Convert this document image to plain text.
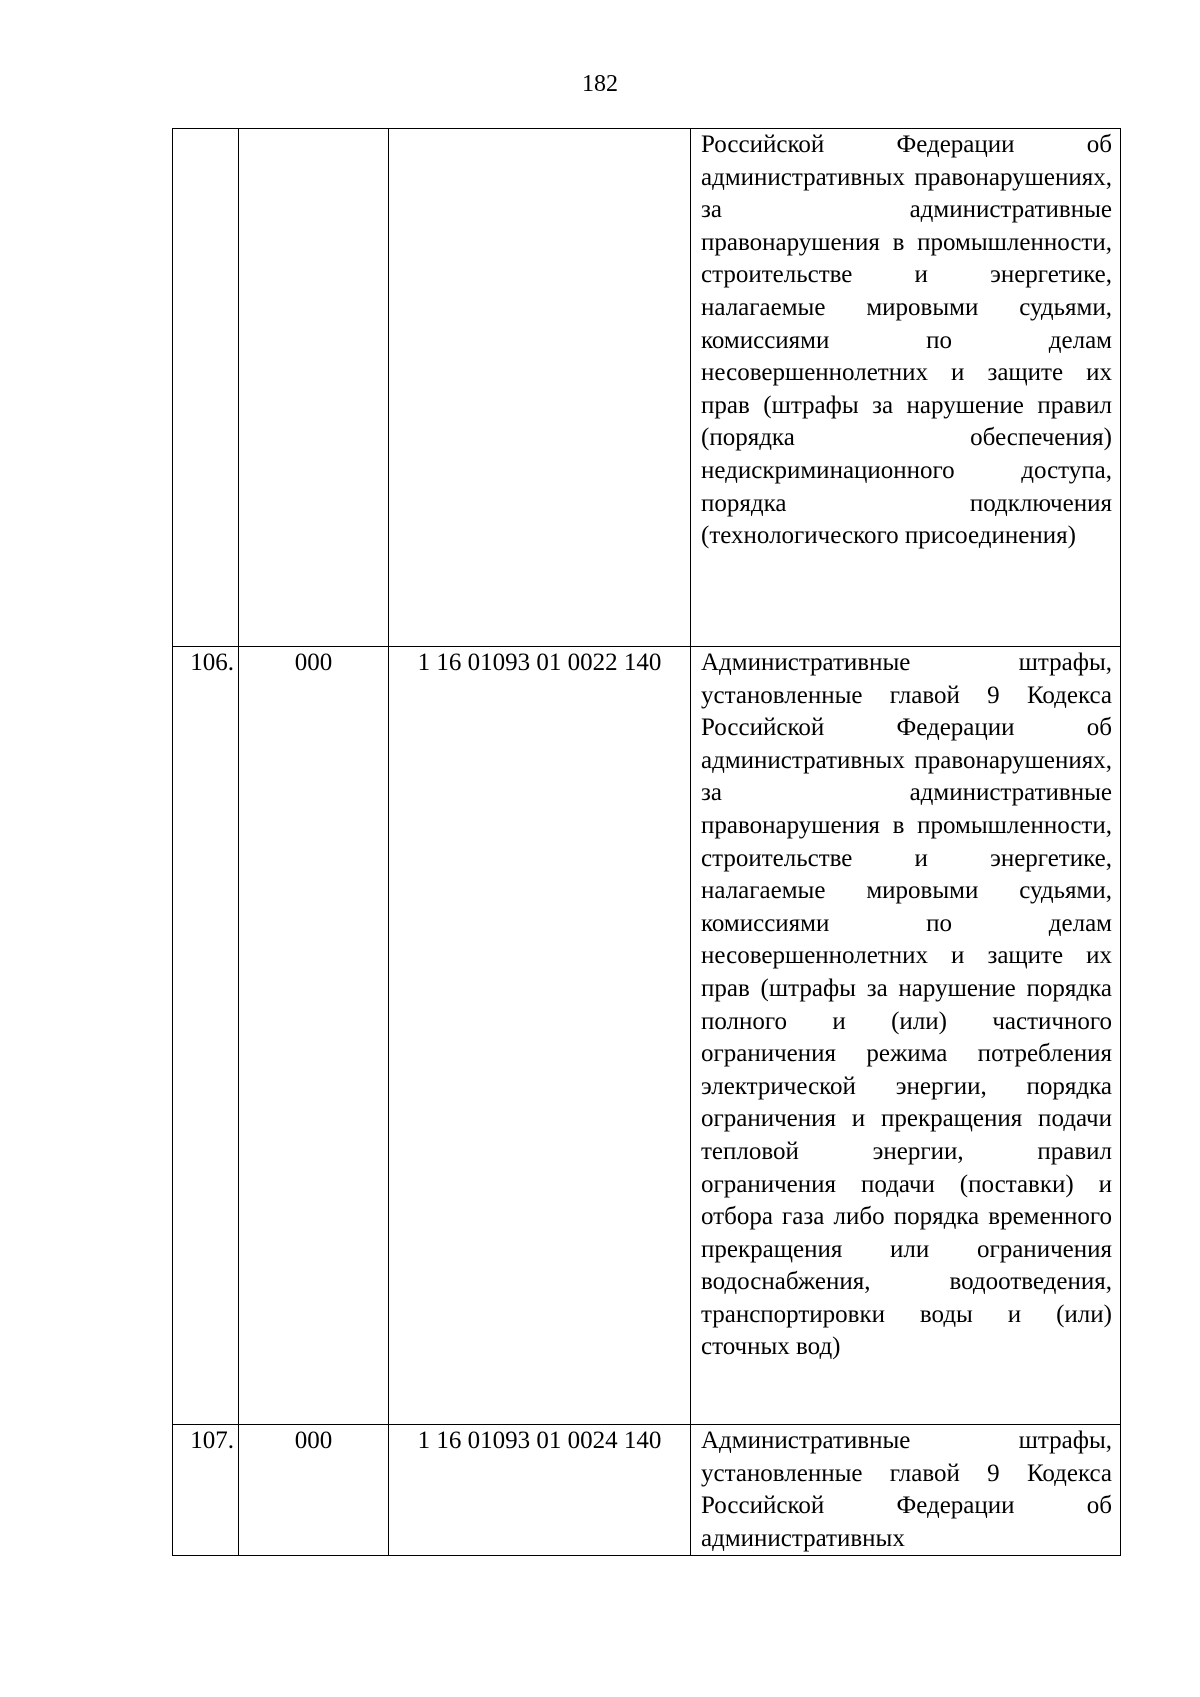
182

			Российской Федерации об административных правонарушениях, за административные правонарушения в промышленности, строительстве и энергетике, налагаемые мировыми судьями, комиссиями по делам несовершеннолетних и защите их прав (штрафы за нарушение правил (порядка обеспечения) недискриминационного доступа, порядка подключения (технологического присоединения)

106.	000	1 16 01093 01 0022 140	Административные штрафы, установленные главой 9 Кодекса Российской Федерации об административных правонарушениях, за административные правонарушения в промышленности, строительстве и энергетике, налагаемые мировыми судьями, комиссиями по делам несовершеннолетних и защите их прав (штрафы за нарушение порядка полного и (или) частичного ограничения режима потребления электрической энергии, порядка ограничения и прекращения подачи тепловой энергии, правил ограничения подачи (поставки) и отбора газа либо порядка временного прекращения или ограничения водоснабжения, водоотведения, транспортировки воды и (или) сточных вод)

107.	000	1 16 01093 01 0024 140	Административные штрафы, установленные главой 9 Кодекса Российской Федерации об административных
